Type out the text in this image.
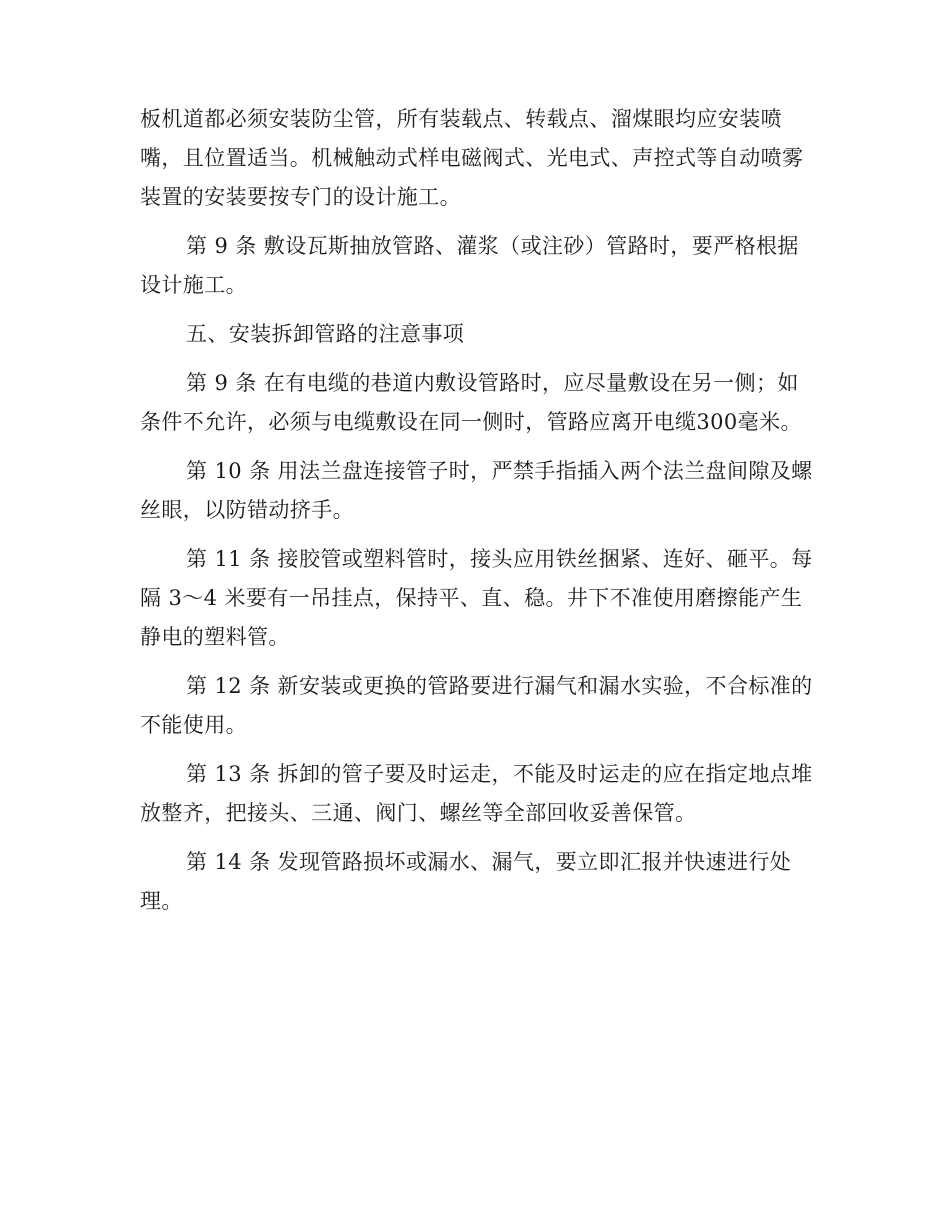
板机道都必须安装防尘管，所有装载点、转载点、溜煤眼均应安装喷嘴，且位置适当。机械触动式样电磁阀式、光电式、声控式等自动喷雾装置的安装要按专门的设计施工。

第 9 条 敷设瓦斯抽放管路、灌浆（或注砂）管路时，要严格根据设计施工。

五、安装拆卸管路的注意事项

第 9 条 在有电缆的巷道内敷设管路时，应尽量敷设在另一侧；如条件不允许，必须与电缆敷设在同一侧时，管路应离开电缆300毫米。

第 10 条 用法兰盘连接管子时，严禁手指插入两个法兰盘间隙及螺丝眼，以防错动挤手。

第 11 条 接胶管或塑料管时，接头应用铁丝捆紧、连好、砸平。每隔 3～4 米要有一吊挂点，保持平、直、稳。井下不准使用磨擦能产生静电的塑料管。

第 12 条 新安装或更换的管路要进行漏气和漏水实验，不合标准的不能使用。

第 13 条 拆卸的管子要及时运走，不能及时运走的应在指定地点堆放整齐，把接头、三通、阀门、螺丝等全部回收妥善保管。

第 14 条 发现管路损坏或漏水、漏气，要立即汇报并快速进行处理。
